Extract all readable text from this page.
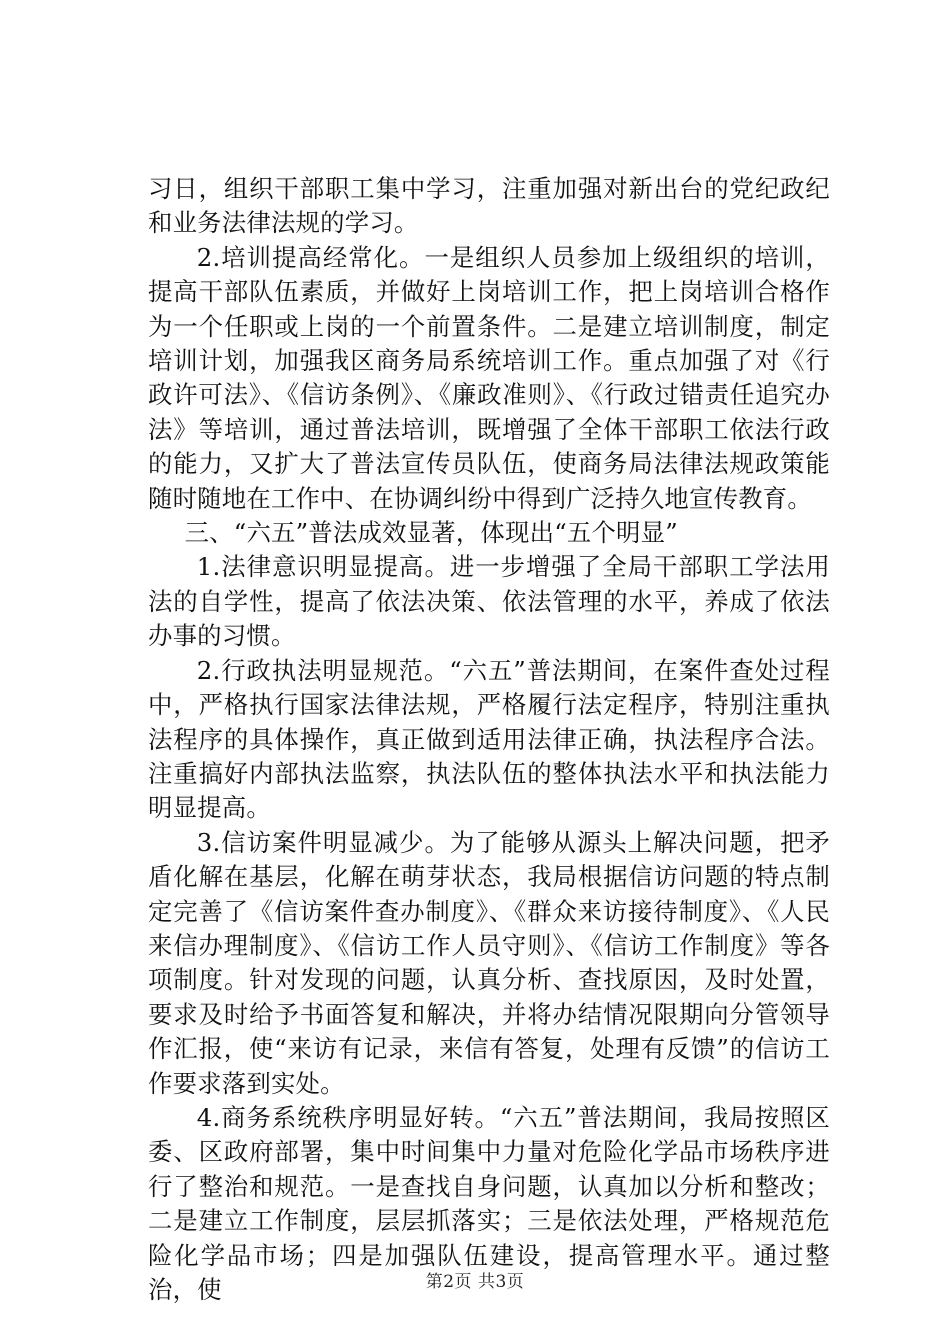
习日，组织干部职工集中学习，注重加强对新出台的党纪政纪和业务法律法规的学习。

2.培训提高经常化。一是组织人员参加上级组织的培训，提高干部队伍素质，并做好上岗培训工作，把上岗培训合格作为一个任职或上岗的一个前置条件。二是建立培训制度，制定培训计划，加强我区商务局系统培训工作。重点加强了对《行政许可法》、《信访条例》、《廉政准则》、《行政过错责任追究办法》等培训，通过普法培训，既增强了全体干部职工依法行政的能力，又扩大了普法宣传员队伍，使商务局法律法规政策能随时随地在工作中、在协调纠纷中得到广泛持久地宣传教育。

三、“六五”普法成效显著，体现出“五个明显”

1.法律意识明显提高。进一步增强了全局干部职工学法用法的自学性，提高了依法决策、依法管理的水平，养成了依法办事的习惯。

2.行政执法明显规范。“六五”普法期间，在案件查处过程中，严格执行国家法律法规，严格履行法定程序，特别注重执法程序的具体操作，真正做到适用法律正确，执法程序合法。注重搞好内部执法监察，执法队伍的整体执法水平和执法能力明显提高。

3.信访案件明显减少。为了能够从源头上解决问题，把矛盾化解在基层，化解在萌芽状态，我局根据信访问题的特点制定完善了《信访案件查办制度》、《群众来访接待制度》、《人民来信办理制度》、《信访工作人员守则》、《信访工作制度》等各项制度。针对发现的问题，认真分析、查找原因，及时处置，要求及时给予书面答复和解决，并将办结情况限期向分管领导作汇报，使“来访有记录，来信有答复，处理有反馈”的信访工作要求落到实处。

4.商务系统秩序明显好转。“六五”普法期间，我局按照区委、区政府部署，集中时间集中力量对危险化学品市场秩序进行了整治和规范。一是查找自身问题，认真加以分析和整改；二是建立工作制度，层层抓落实；三是依法处理，严格规范危险化学品市场；四是加强队伍建设，提高管理水平。通过整治，使	第2页 共3页
